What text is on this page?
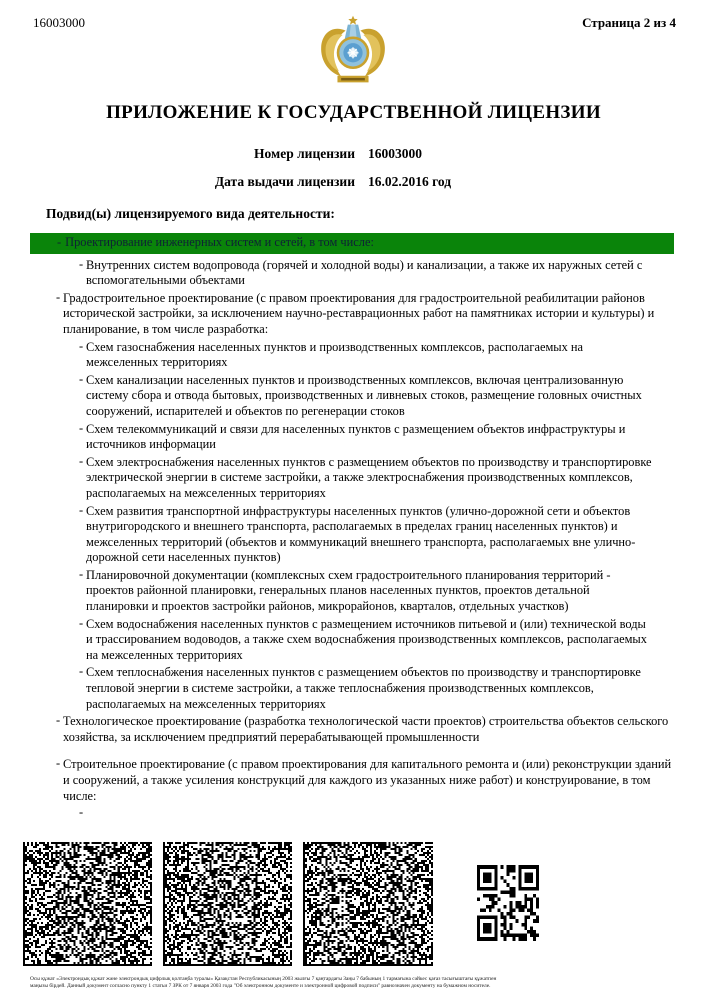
16003000	Страница 2 из 4
ПРИЛОЖЕНИЕ К ГОСУДАРСТВЕННОЙ ЛИЦЕНЗИИ
Номер лицензии 16003000
Дата выдачи лицензии 16.02.2016 год
Подвид(ы) лицензируемого вида деятельности:
- Проектирование инженерных систем и сетей, в том числе:
- Внутренних систем водопровода (горячей и холодной воды) и канализации, а также их наружных сетей с вспомогательными объектами
- Градостроительное проектирование (с правом проектирования для градостроительной реабилитации районов исторической застройки, за исключением научно-реставрационных работ на памятниках истории и культуры) и планирование, в том числе разработка:
- Схем газоснабжения населенных пунктов и производственных комплексов, располагаемых на межселенных территориях
- Схем канализации населенных пунктов и производственных комплексов, включая централизованную систему сбора и отвода бытовых, производственных и ливневых стоков, размещение головных очистных сооружений, испарителей и объектов по регенерации стоков
- Схем телекоммуникаций и связи для населенных пунктов с размещением объектов инфраструктуры и источников информации
- Схем электроснабжения населенных пунктов с размещением объектов по производству и транспортировке электрической энергии в системе застройки, а также электроснабжения производственных комплексов, располагаемых на межселенных территориях
- Схем развития транспортной инфраструктуры населенных пунктов (улично-дорожной сети и объектов внутригородского и внешнего транспорта, располагаемых в пределах границ населенных пунктов) и межселенных территорий (объектов и коммуникаций внешнего транспорта, располагаемых вне улично-дорожной сети населенных пунктов)
- Планировочной документации (комплексных схем градостроительного планирования территорий - проектов районной планировки, генеральных планов населенных пунктов, проектов детальной планировки и проектов застройки районов, микрорайонов, кварталов, отдельных участков)
- Схем водоснабжения населенных пунктов с размещением источников питьевой и (или) технической воды и трассированием водоводов, а также схем водоснабжения производственных комплексов, располагаемых на межселенных территориях
- Схем теплоснабжения населенных пунктов с размещением объектов по производству и транспортировке тепловой энергии в системе застройки, а также теплоснабжения производственных комплексов, располагаемых на межселенных территориях
- Технологическое проектирование (разработка технологической части проектов) строительства объектов сельского хозяйства, за исключением предприятий перерабатывающей промышленности
- Строительное проектирование (с правом проектирования для капитального ремонта и (или) реконструкции зданий и сооружений, а также усиления конструкций для каждого из указанных ниже работ) и конструирование, в том числе:
-
Осы құжат «Электрондық құжат және электрондық цифрлық қолтаңба туралы» Қазақстан Республикасының 2003 жылғы 7 қаңтардағы Заңы 7 бабының 1 тармағына сәйкес қағаз тасығыштағы құжатпен
маңызы бірдей. Данный документ согласно пункту 1 статьи 7 ЗРК от 7 января 2003 года "Об электронном документе и электронной цифровой подписи" равнозначен документу на бумажном носителе.
